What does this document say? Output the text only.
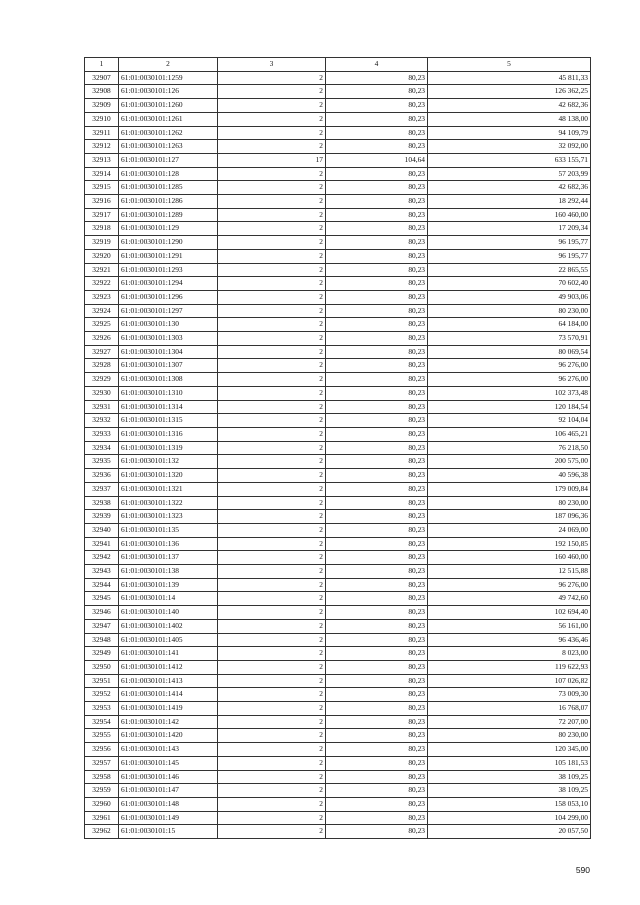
1	2	3	4	5
32907	61:01:0030101:1259	2	80,23	45 811,33
32908	61:01:0030101:126	2	80,23	126 362,25
32909	61:01:0030101:1260	2	80,23	42 682,36
32910	61:01:0030101:1261	2	80,23	48 138,00
32911	61:01:0030101:1262	2	80,23	94 109,79
32912	61:01:0030101:1263	2	80,23	32 092,00
32913	61:01:0030101:127	17	104,64	633 155,71
32914	61:01:0030101:128	2	80,23	57 203,99
32915	61:01:0030101:1285	2	80,23	42 682,36
32916	61:01:0030101:1286	2	80,23	18 292,44
32917	61:01:0030101:1289	2	80,23	160 460,00
32918	61:01:0030101:129	2	80,23	17 209,34
32919	61:01:0030101:1290	2	80,23	96 195,77
32920	61:01:0030101:1291	2	80,23	96 195,77
32921	61:01:0030101:1293	2	80,23	22 865,55
32922	61:01:0030101:1294	2	80,23	70 602,40
32923	61:01:0030101:1296	2	80,23	49 903,06
32924	61:01:0030101:1297	2	80,23	80 230,00
32925	61:01:0030101:130	2	80,23	64 184,00
32926	61:01:0030101:1303	2	80,23	73 570,91
32927	61:01:0030101:1304	2	80,23	80 069,54
32928	61:01:0030101:1307	2	80,23	96 276,00
32929	61:01:0030101:1308	2	80,23	96 276,00
32930	61:01:0030101:1310	2	80,23	102 373,48
32931	61:01:0030101:1314	2	80,23	120 184,54
32932	61:01:0030101:1315	2	80,23	92 104,04
32933	61:01:0030101:1316	2	80,23	106 465,21
32934	61:01:0030101:1319	2	80,23	76 218,50
32935	61:01:0030101:132	2	80,23	200 575,00
32936	61:01:0030101:1320	2	80,23	40 596,38
32937	61:01:0030101:1321	2	80,23	179 009,84
32938	61:01:0030101:1322	2	80,23	80 230,00
32939	61:01:0030101:1323	2	80,23	187 096,36
32940	61:01:0030101:135	2	80,23	24 069,00
32941	61:01:0030101:136	2	80,23	192 150,85
32942	61:01:0030101:137	2	80,23	160 460,00
32943	61:01:0030101:138	2	80,23	12 515,88
32944	61:01:0030101:139	2	80,23	96 276,00
32945	61:01:0030101:14	2	80,23	49 742,60
32946	61:01:0030101:140	2	80,23	102 694,40
32947	61:01:0030101:1402	2	80,23	56 161,00
32948	61:01:0030101:1405	2	80,23	96 436,46
32949	61:01:0030101:141	2	80,23	8 023,00
32950	61:01:0030101:1412	2	80,23	119 622,93
32951	61:01:0030101:1413	2	80,23	107 026,82
32952	61:01:0030101:1414	2	80,23	73 009,30
32953	61:01:0030101:1419	2	80,23	16 768,07
32954	61:01:0030101:142	2	80,23	72 207,00
32955	61:01:0030101:1420	2	80,23	80 230,00
32956	61:01:0030101:143	2	80,23	120 345,00
32957	61:01:0030101:145	2	80,23	105 181,53
32958	61:01:0030101:146	2	80,23	38 109,25
32959	61:01:0030101:147	2	80,23	38 109,25
32960	61:01:0030101:148	2	80,23	158 053,10
32961	61:01:0030101:149	2	80,23	104 299,00
32962	61:01:0030101:15	2	80,23	20 057,50
590
